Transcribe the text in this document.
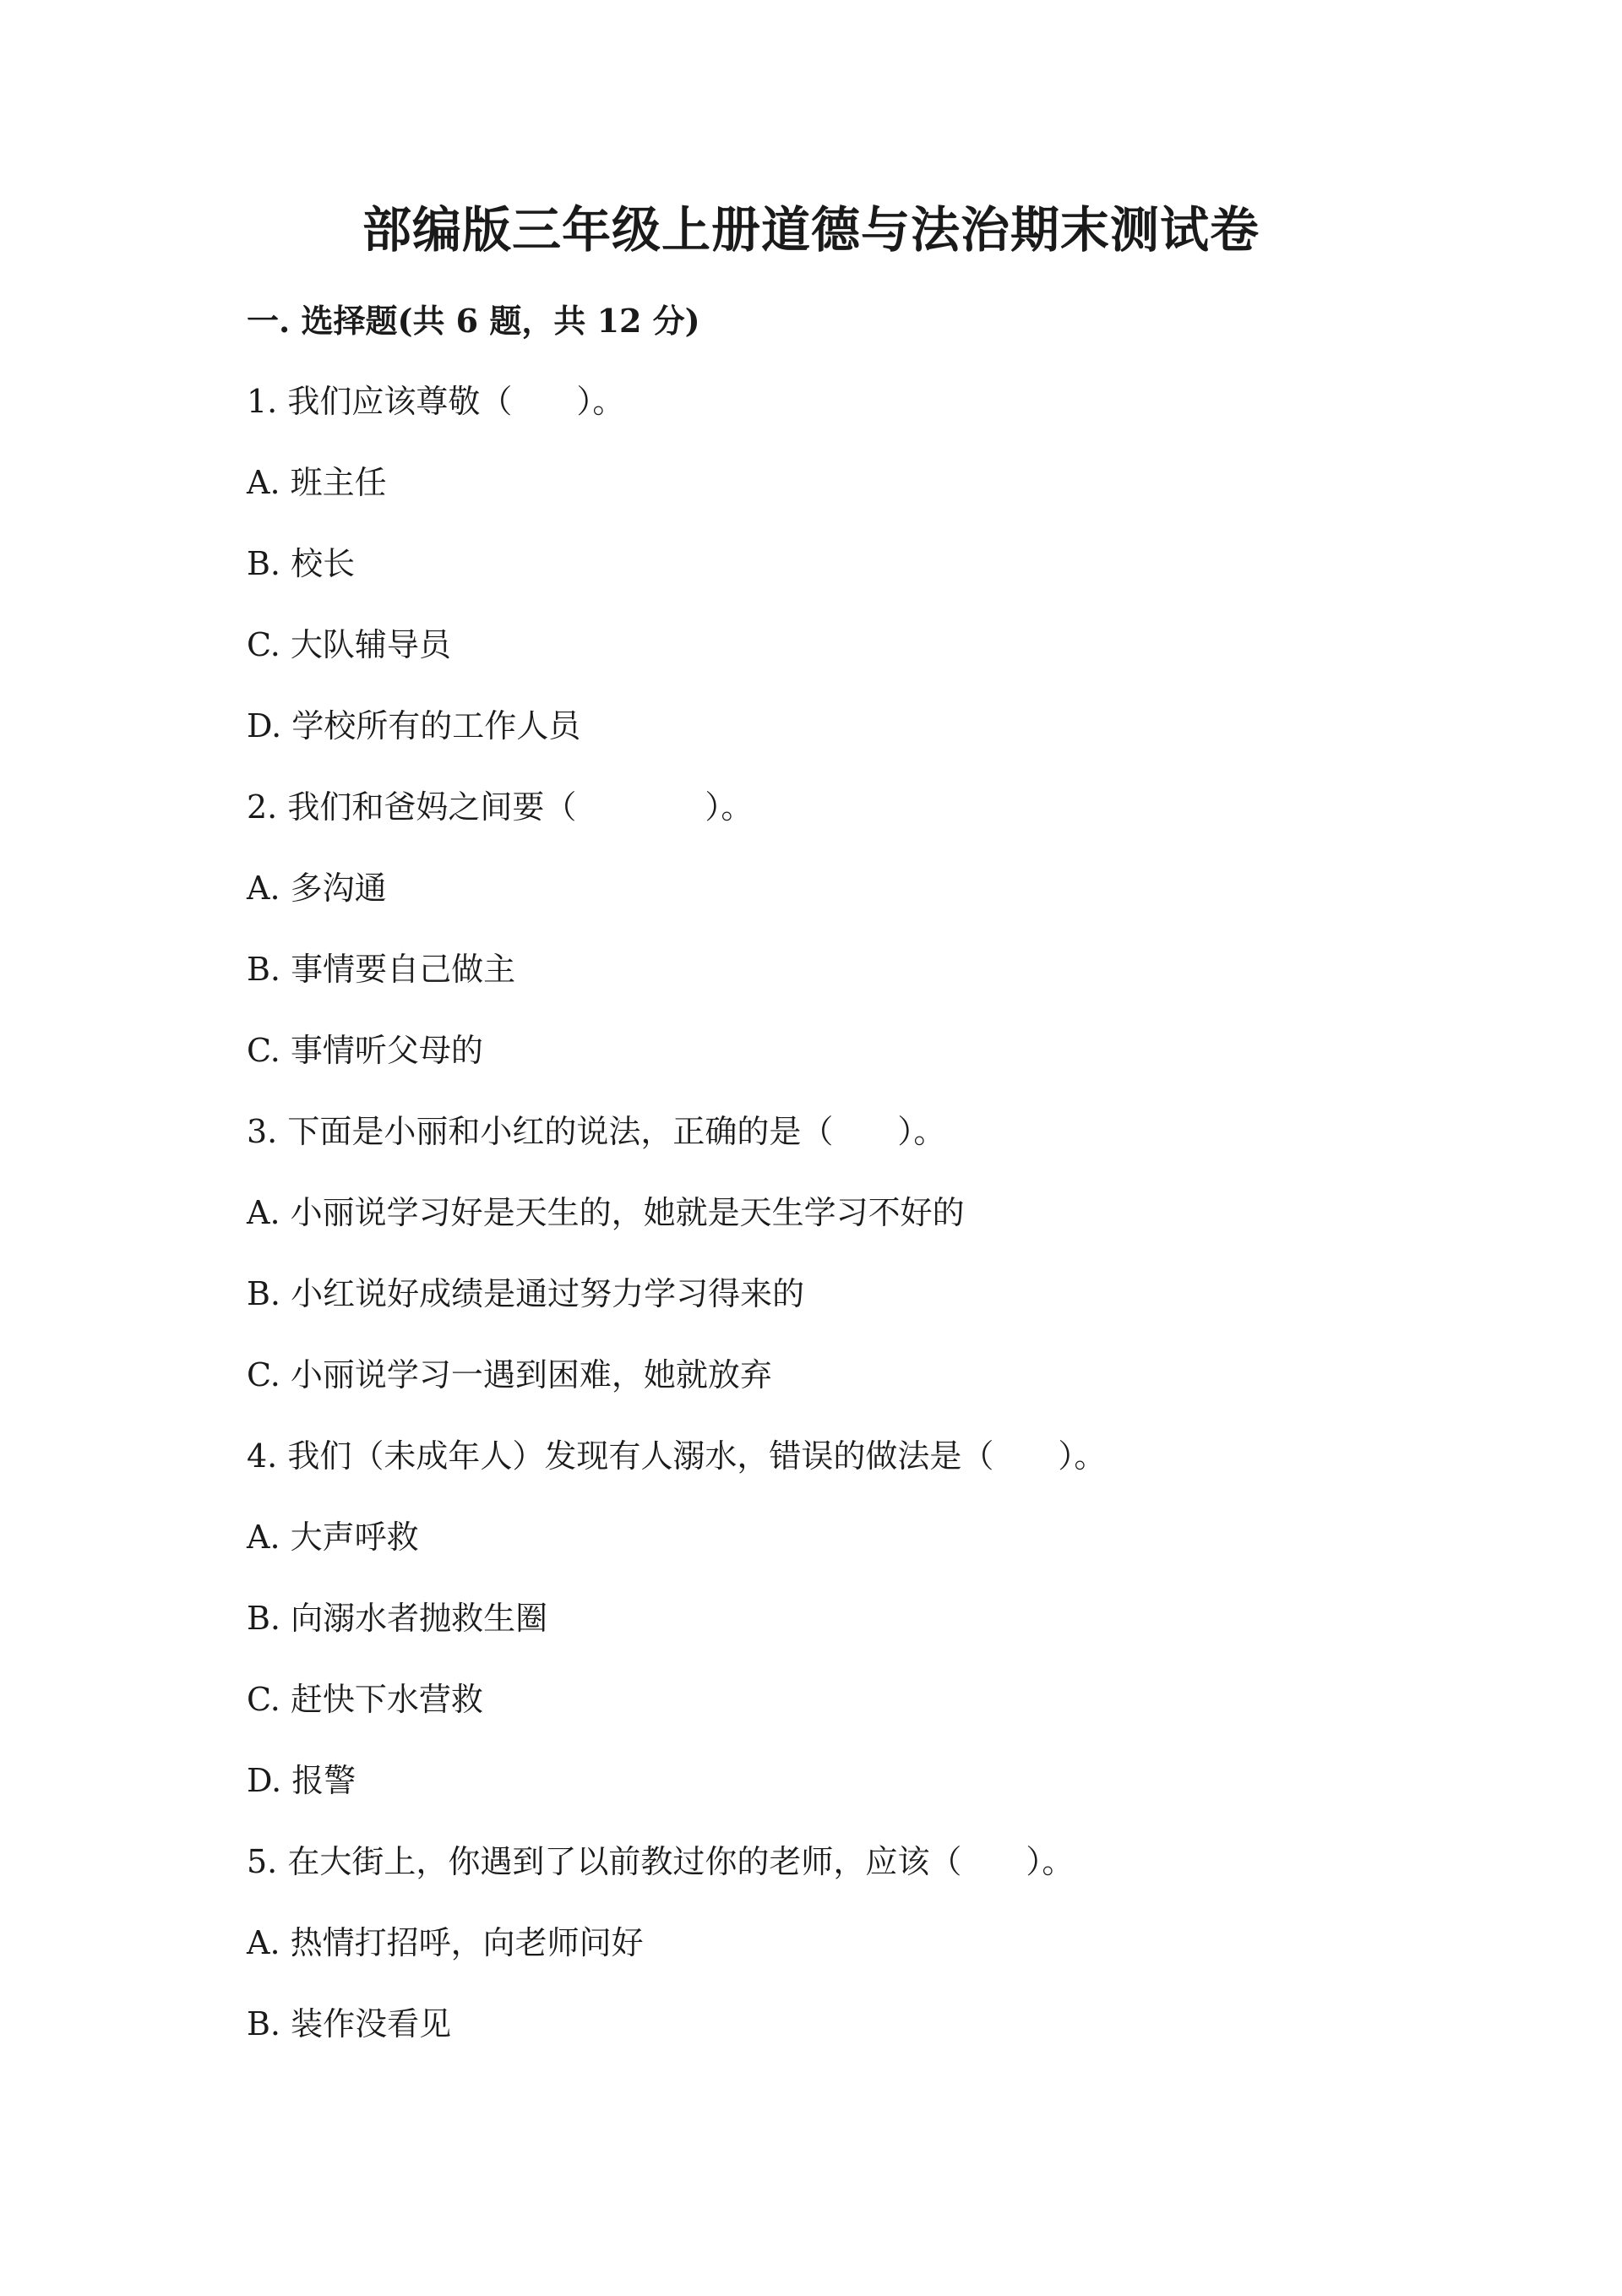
部编版三年级上册道德与法治期末测试卷
一. 选择题(共 6 题，共 12 分)
1. 我们应该尊敬（　　）。
A. 班主任
B. 校长
C. 大队辅导员
D. 学校所有的工作人员
2. 我们和爸妈之间要（　　　　）。
A. 多沟通
B. 事情要自己做主
C. 事情听父母的
3. 下面是小丽和小红的说法，正确的是（　　）。
A. 小丽说学习好是天生的，她就是天生学习不好的
B. 小红说好成绩是通过努力学习得来的
C. 小丽说学习一遇到困难，她就放弃
4. 我们（未成年人）发现有人溺水，错误的做法是（　　）。
A. 大声呼救
B. 向溺水者抛救生圈
C. 赶快下水营救
D. 报警
5. 在大街上，你遇到了以前教过你的老师，应该（　　）。
A. 热情打招呼，向老师问好
B. 装作没看见
